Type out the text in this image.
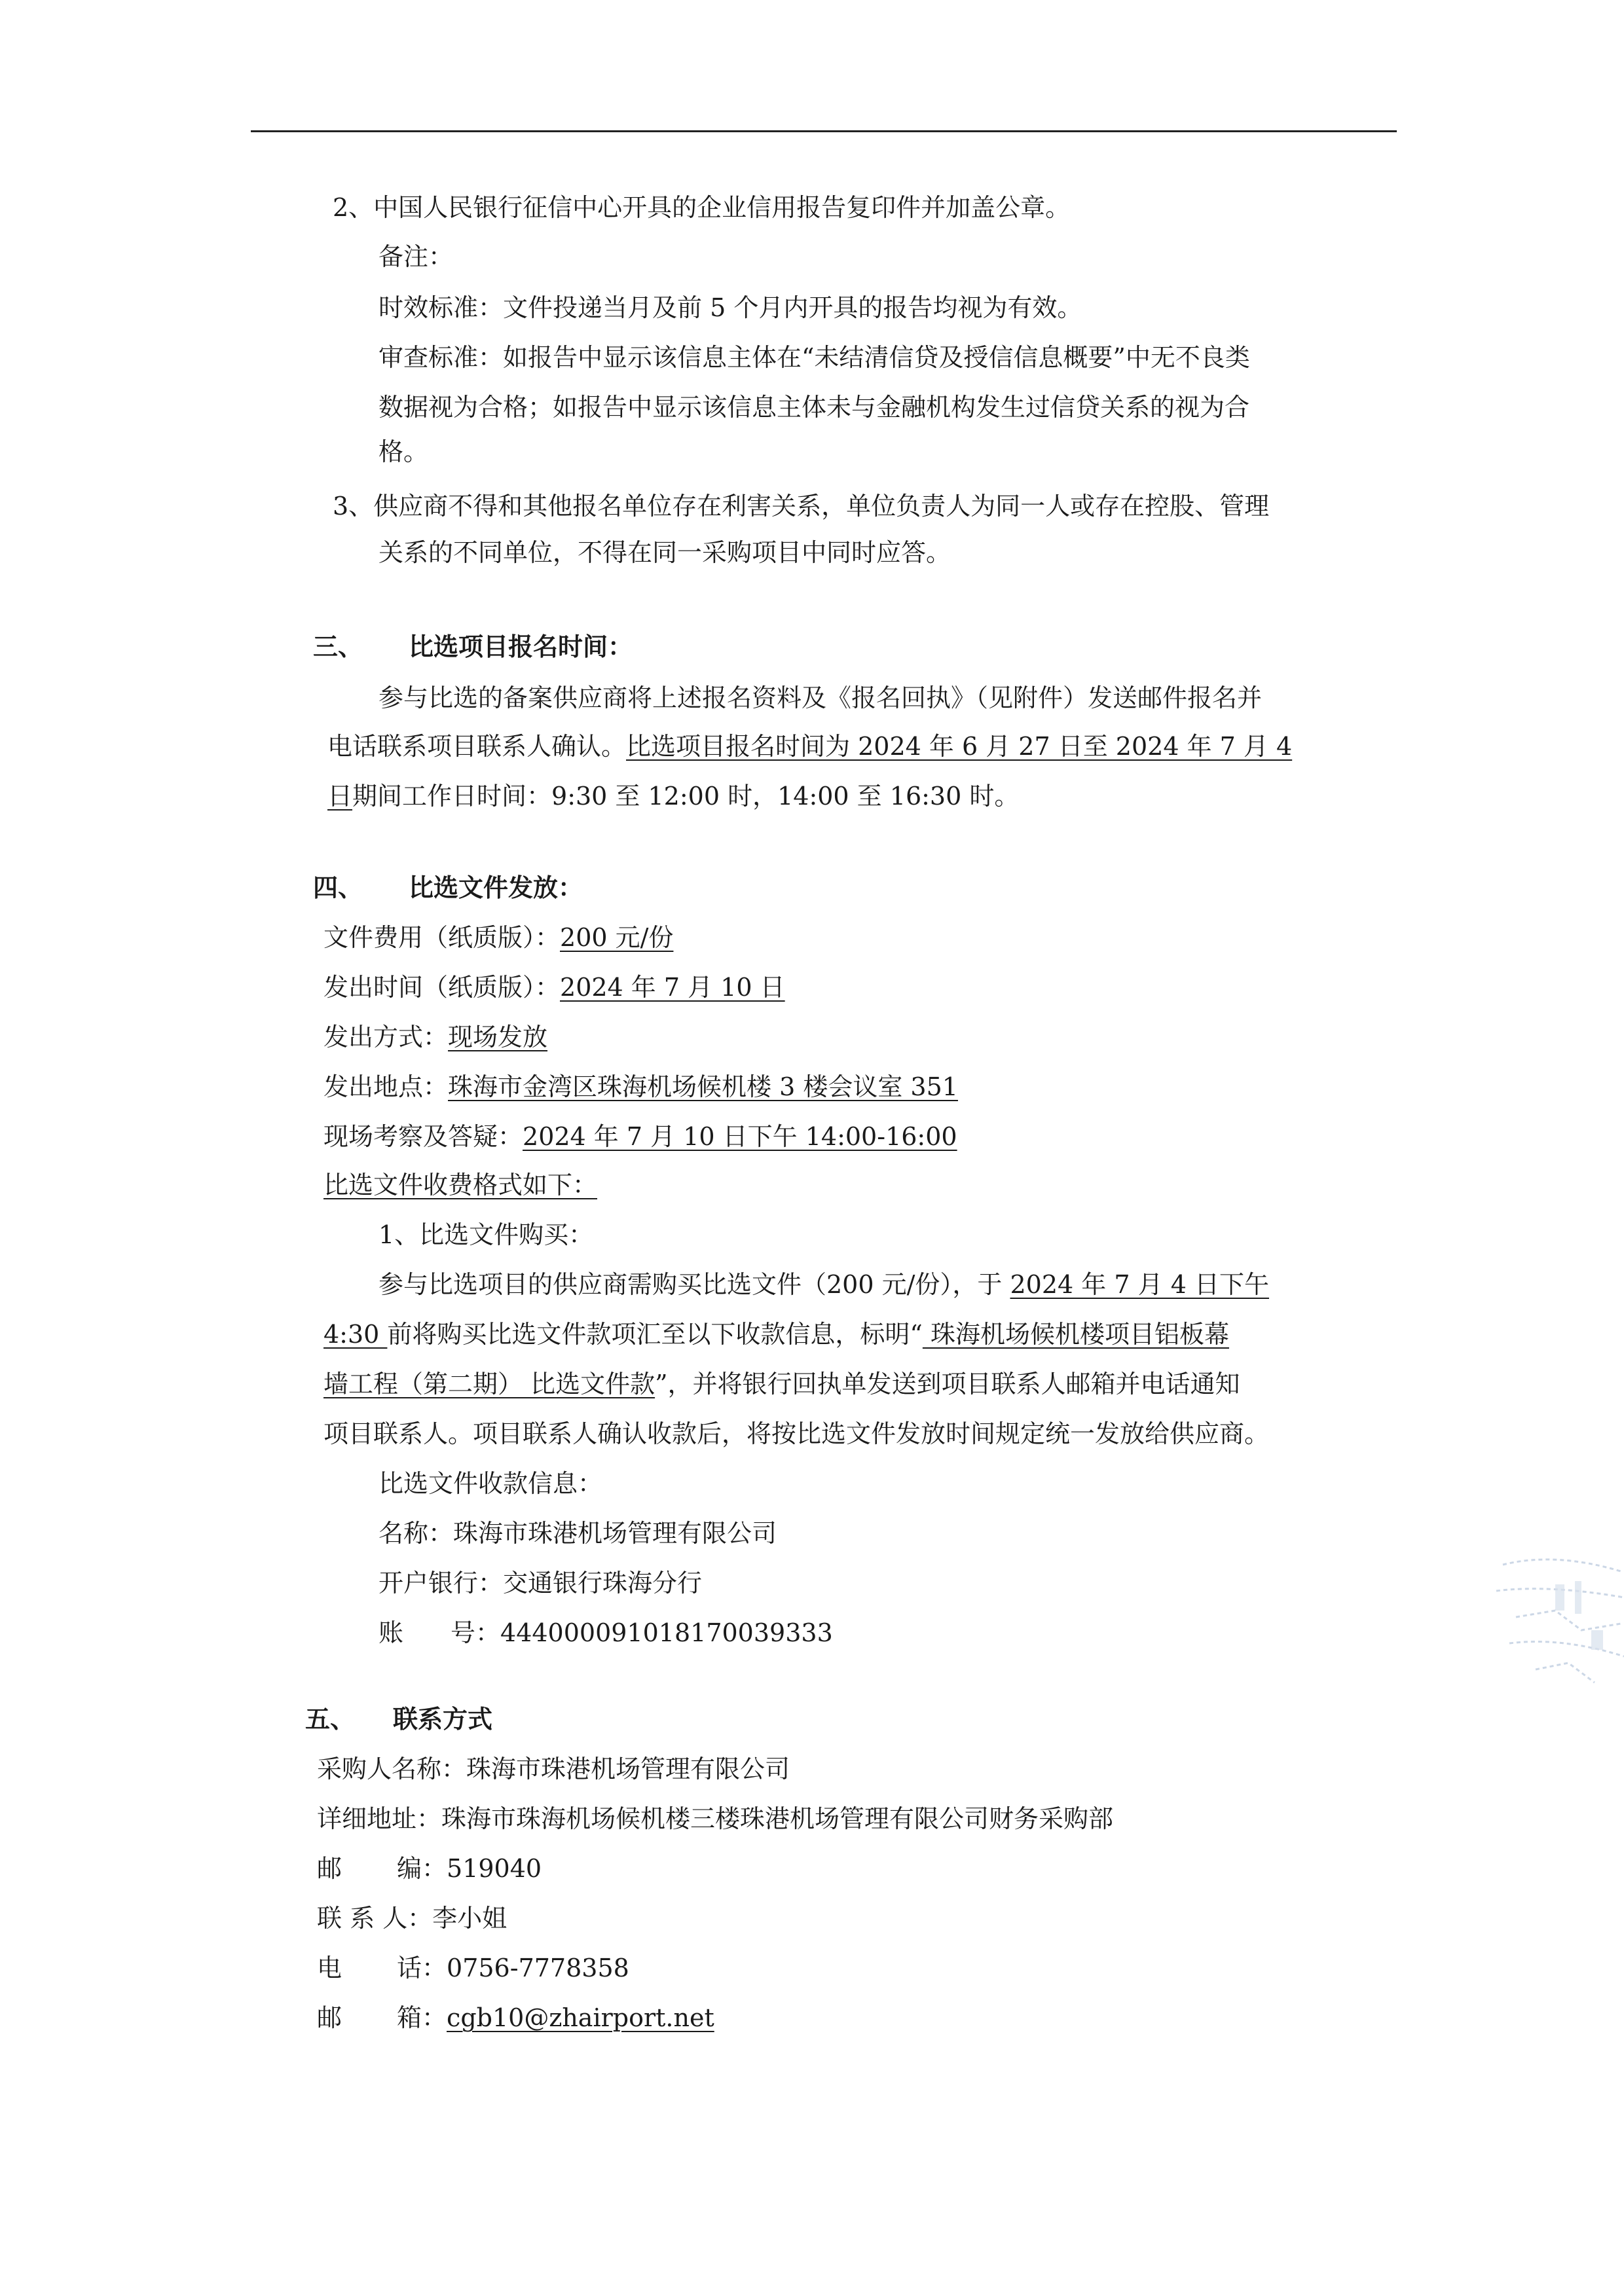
2、中国人民银行征信中心开具的企业信用报告复印件并加盖公章。
备注：
时效标准：文件投递当月及前 5 个月内开具的报告均视为有效。
审查标准：如报告中显示该信息主体在“未结清信贷及授信信息概要”中无不良类
数据视为合格；如报告中显示该信息主体未与金融机构发生过信贷关系的视为合
格。
3、供应商不得和其他报名单位存在利害关系，单位负责人为同一人或存在控股、管理
关系的不同单位，不得在同一采购项目中同时应答。
三、 比选项目报名时间：
参与比选的备案供应商将上述报名资料及《报名回执》（见附件）发送邮件报名并
电话联系项目联系人确认。比选项目报名时间为 2024 年 6 月 27 日至 2024 年 7 月 4
日期间工作日时间：9:30 至 12:00 时，14:00 至 16:30 时。
四、 比选文件发放：
文件费用（纸质版）：200 元/份
发出时间（纸质版）：2024 年 7 月 10 日
发出方式：现场发放
发出地点：珠海市金湾区珠海机场候机楼 3 楼会议室 351
现场考察及答疑：2024 年 7 月 10 日下午 14:00-16:00
比选文件收费格式如下：
1、比选文件购买：
参与比选项目的供应商需购买比选文件（200 元/份），于 2024 年 7 月 4 日下午
4:30 前将购买比选文件款项汇至以下收款信息，标明“ 珠海机场候机楼项目铝板幕
墙工程（第二期） 比选文件款”，并将银行回执单发送到项目联系人邮箱并电话通知
项目联系人。项目联系人确认收款后，将按比选文件发放时间规定统一发放给供应商。
比选文件收款信息：
名称：珠海市珠港机场管理有限公司
开户银行：交通银行珠海分行
账 号：444000091018170039333
五、 联系方式
采购人名称：珠海市珠港机场管理有限公司
详细地址：珠海市珠海机场候机楼三楼珠港机场管理有限公司财务采购部
邮 编：519040
联 系 人：李小姐
电 话：0756-7778358
邮 箱：cgb10@zhairport.net
